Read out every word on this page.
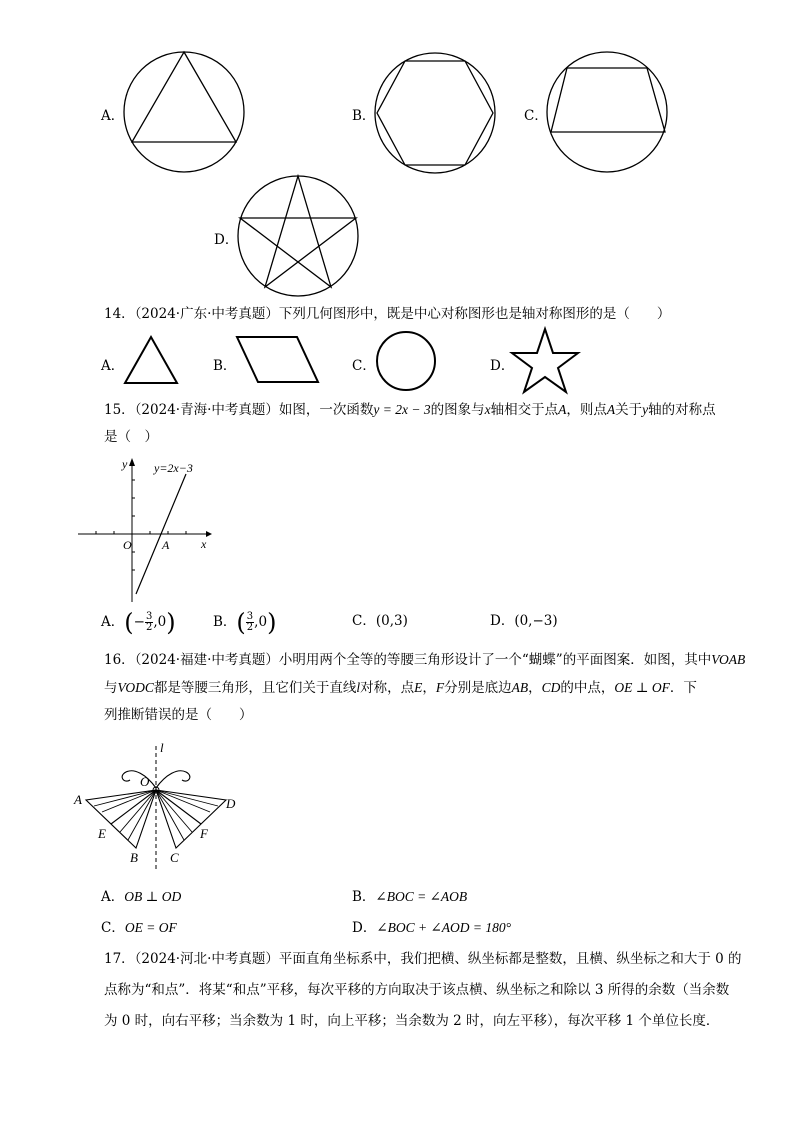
A．	B．	C．
D．
14．（2024·广东·中考真题）下列几何图形中，既是中心对称图形也是轴对称图形的是（　　）
A．	B．	C．	D．
15．（2024·青海·中考真题）如图，一次函数y = 2x − 3的图象与x轴相交于点A，则点A关于y轴的对称点
是（　）
y y=2x−3
x
O	A
A．(− $\frac{3}{2} ,0$)	B．( $\frac{3}{2} ,0$)	C．(0,3)	D．(0,−3)
16．（2024·福建·中考真题）小明用两个全等的等腰三角形设计了一个“蝴蝶”的平面图案．如图，其中VOAB
与VODC都是等腰三角形，且它们关于直线l对称，点E，F分别是底边AB，CD的中点，OE ⊥ OF．下
列推断错误的是（　　）
O
l
A	D
E	F
B C
A．OB ⊥ OD	B．∠BOC = ∠AOB
C．OE = OF	D．∠BOC + ∠AOD = 180°
17．（2024·河北·中考真题）平面直角坐标系中，我们把横、纵坐标都是整数，且横、纵坐标之和大于 0 的
点称为“和点”．将某“和点”平移，每次平移的方向取决于该点横、纵坐标之和除以 3 所得的余数（当余数
为 0 时，向右平移；当余数为 1 时，向上平移；当余数为 2 时，向左平移），每次平移 1 个单位长度．
